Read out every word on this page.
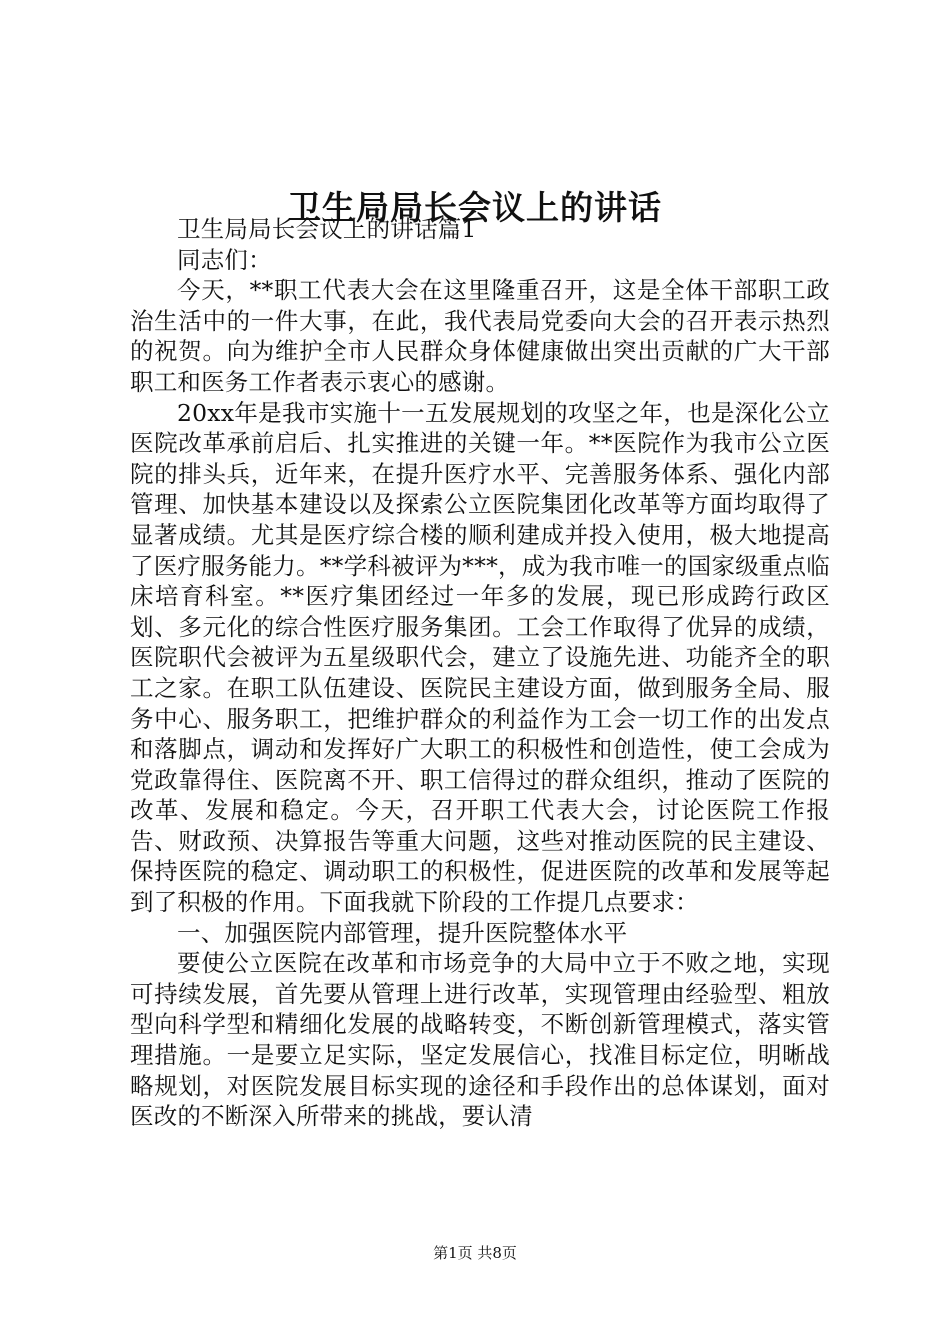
卫生局局长会议上的讲话

卫生局局长会议上的讲话篇1

同志们：

今天，**职工代表大会在这里隆重召开，这是全体干部职工政治生活中的一件大事，在此，我代表局党委向大会的召开表示热烈的祝贺。向为维护全市人民群众身体健康做出突出贡献的广大干部职工和医务工作者表示衷心的感谢。

20xx年是我市实施十一五发展规划的攻坚之年，也是深化公立医院改革承前启后、扎实推进的关键一年。**医院作为我市公立医院的排头兵，近年来，在提升医疗水平、完善服务体系、强化内部管理、加快基本建设以及探索公立医院集团化改革等方面均取得了显著成绩。尤其是医疗综合楼的顺利建成并投入使用，极大地提高了医疗服务能力。**学科被评为***，成为我市唯一的国家级重点临床培育科室。**医疗集团经过一年多的发展，现已形成跨行政区划、多元化的综合性医疗服务集团。工会工作取得了优异的成绩，医院职代会被评为五星级职代会，建立了设施先进、功能齐全的职工之家。在职工队伍建设、医院民主建设方面，做到服务全局、服务中心、服务职工，把维护群众的利益作为工会一切工作的出发点和落脚点，调动和发挥好广大职工的积极性和创造性，使工会成为党政靠得住、医院离不开、职工信得过的群众组织，推动了医院的改革、发展和稳定。今天，召开职工代表大会，讨论医院工作报告、财政预、决算报告等重大问题，这些对推动医院的民主建设、保持医院的稳定、调动职工的积极性，促进医院的改革和发展等起到了积极的作用。下面我就下阶段的工作提几点要求：

一、加强医院内部管理，提升医院整体水平

要使公立医院在改革和市场竞争的大局中立于不败之地，实现可持续发展，首先要从管理上进行改革，实现管理由经验型、粗放型向科学型和精细化发展的战略转变，不断创新管理模式，落实管理措施。一是要立足实际，坚定发展信心，找准目标定位，明晰战略规划，对医院发展目标实现的途径和手段作出的总体谋划，面对医改的不断深入所带来的挑战，要认清

第1页 共8页
